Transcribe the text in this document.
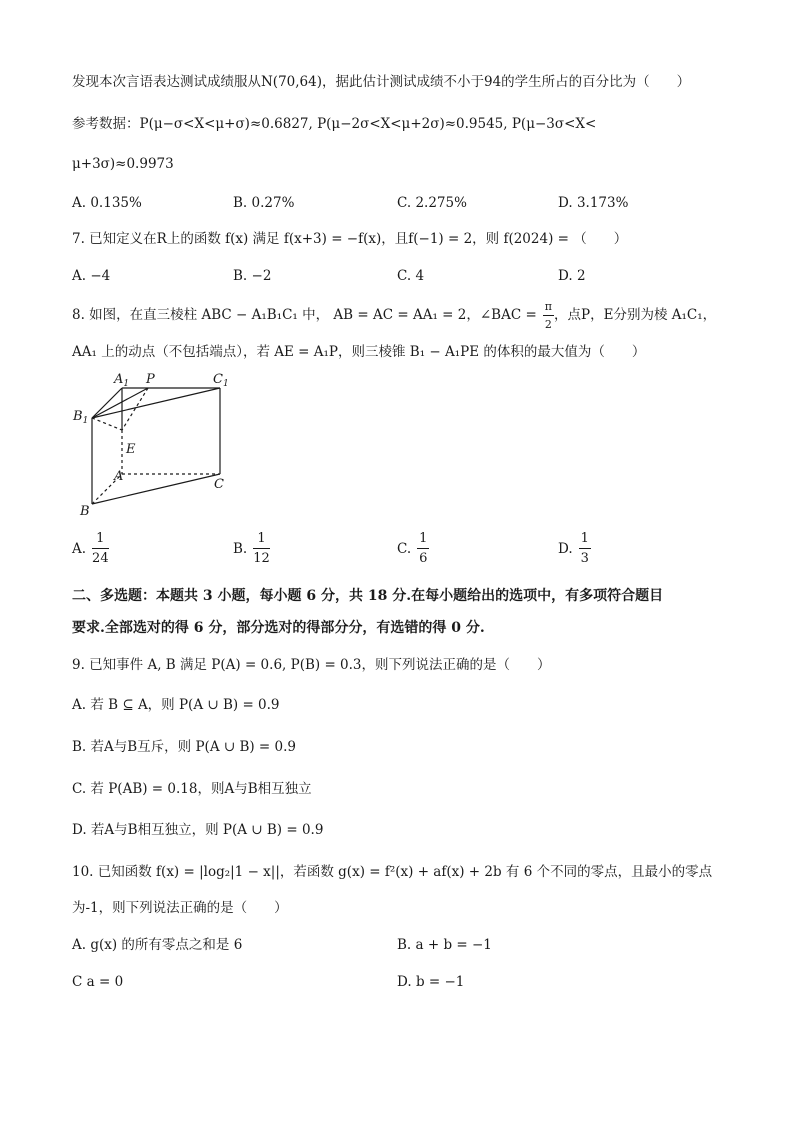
发现本次言语表达测试成绩服从N(70,64)，据此估计测试成绩不小于94的学生所占的百分比为（　　）
参考数据：P(μ−σ<X<μ+σ)≈0.6827, P(μ−2σ<X<μ+2σ)≈0.9545, P(μ−3σ<X<
μ+3σ)≈0.9973
A. 0.135%	B. 0.27%	C. 2.275%	D. 3.173%
7. 已知定义在R上的函数 f(x) 满足 f(x+3) = −f(x)，且f(−1) = 2，则 f(2024) = （　　）
A. −4	B. −2	C. 4	D. 2
8. 如图，在直三棱柱 ABC − A₁B₁C₁ 中， AB = AC = AA₁ = 2，∠BAC = $\frac{\pi}{2}$ ，点P，E分别为棱 A₁C₁，
AA₁ 上的动点（不包括端点），若 AE = A₁P，则三棱锥 B₁ − A₁PE 的体积的最大值为（　　）
$A_1$ P	$C_1$
$B_1$
E
A
C
B
A. $\frac{1}{24}$	B. $\frac{1}{12}$	C. $\frac{1}{6}$	D. $\frac{1}{3}$
二、多选题：本题共 3 小题，每小题 6 分，共 18 分.在每小题给出的选项中，有多项符合题目
要求.全部选对的得 6 分，部分选对的得部分分，有选错的得 0 分.
9. 已知事件 A, B 满足 P(A) = 0.6, P(B) = 0.3，则下列说法正确的是（　　）
A. 若 B ⊆ A，则 P(A ∪ B) = 0.9
B. 若A与B互斥，则 P(A ∪ B) = 0.9
C. 若 P(AB) = 0.18，则A与B相互独立
D. 若A与B相互独立，则 P(A ∪ B) = 0.9
10. 已知函数 f(x) = |log₂|1 − x||，若函数 g(x) = f²(x) + af(x) + 2b 有 6 个不同的零点，且最小的零点
为-1，则下列说法正确的是（　　）
A. g(x) 的所有零点之和是 6	B. a + b = −1
C a = 0	D. b = −1
